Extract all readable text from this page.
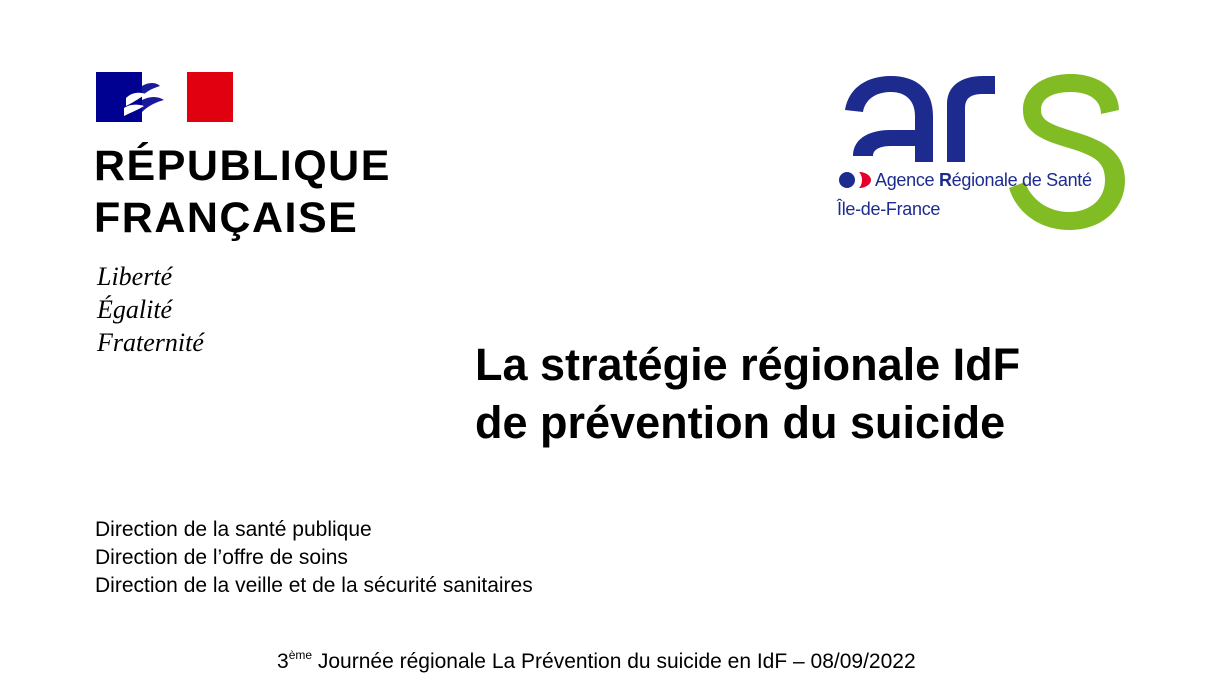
RÉPUBLIQUE
FRANÇAISE
Liberté
Égalité
Fraternité
Agence Régionale de Santé
Île-de-France
La stratégie régionale IdF
de prévention du suicide
Direction de la santé publique
Direction de l’offre de soins
Direction de la veille et de la sécurité sanitaires
3ème Journée régionale La Prévention du suicide en IdF – 08/09/2022
